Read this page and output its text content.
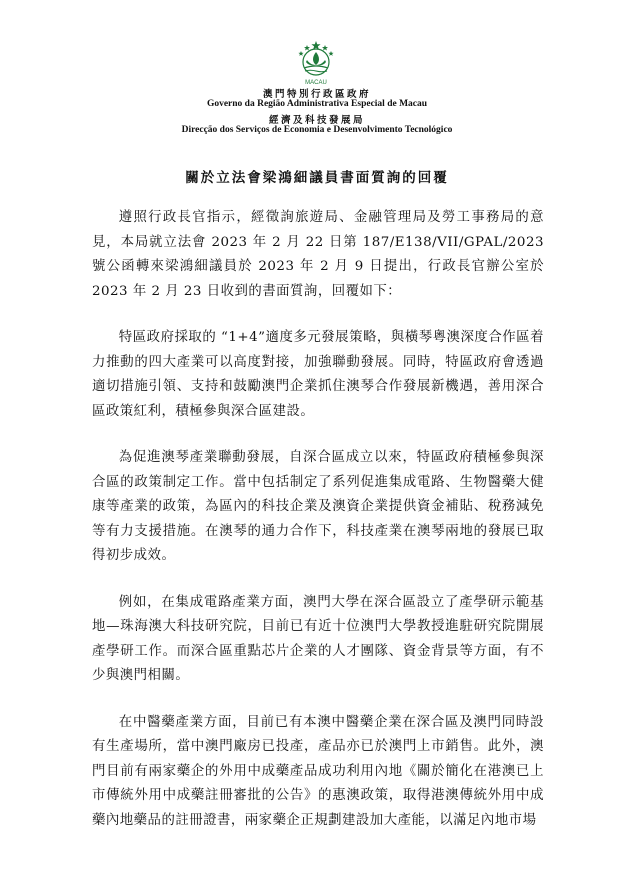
MACAU
澳門特別行政區政府
Governo da Região Administrativa Especial de Macau
經濟及科技發展局
Direcção dos Serviços de Economia e Desenvolvimento Tecnológico
關於立法會梁鴻細議員書面質詢的回覆

遵照行政長官指示，經徵詢旅遊局、金融管理局及勞工事務局的意見，本局就立法會 2023 年 2 月 22 日第 187/E138/VII/GPAL/2023 號公函轉來梁鴻細議員於 2023 年 2 月 9 日提出，行政長官辦公室於 2023 年 2 月 23 日收到的書面質詢，回覆如下：

特區政府採取的 “1+4”適度多元發展策略，與橫琴粵澳深度合作區着力推動的四大產業可以高度對接，加強聯動發展。同時，特區政府會透過適切措施引領、支持和鼓勵澳門企業抓住澳琴合作發展新機遇，善用深合區政策紅利，積極參與深合區建設。

為促進澳琴產業聯動發展，自深合區成立以來，特區政府積極參與深合區的政策制定工作。當中包括制定了系列促進集成電路、生物醫藥大健康等產業的政策，為區內的科技企業及澳資企業提供資金補貼、稅務減免等有力支援措施。在澳琴的通力合作下，科技產業在澳琴兩地的發展已取得初步成效。

例如，在集成電路產業方面，澳門大學在深合區設立了產學研示範基地—珠海澳大科技研究院，目前已有近十位澳門大學教授進駐研究院開展產學研工作。而深合區重點芯片企業的人才團隊、資金背景等方面，有不少與澳門相關。

在中醫藥產業方面，目前已有本澳中醫藥企業在深合區及澳門同時設有生產場所，當中澳門廠房已投產，產品亦已於澳門上市銷售。此外，澳門目前有兩家藥企的外用中成藥產品成功利用內地《關於簡化在港澳已上市傳統外用中成藥註冊審批的公告》的惠澳政策，取得港澳傳統外用中成藥內地藥品的註冊證書，兩家藥企正規劃建設加大產能，以滿足內地市場
